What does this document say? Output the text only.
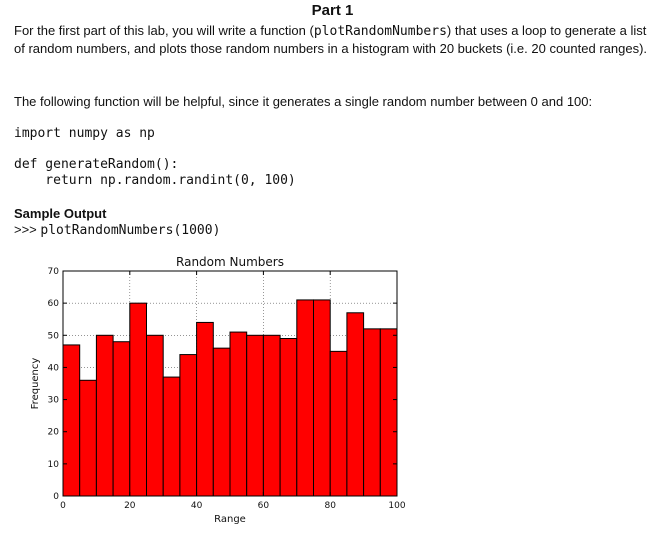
Part 1
For the first part of this lab, you will write a function (plotRandomNumbers) that uses a loop to generate a list of random numbers, and plots those random numbers in a histogram with 20 buckets (i.e. 20 counted ranges).
The following function will be helpful, since it generates a single random number between 0 and 100:
import numpy as np
def generateRandom():
return np.random.randint(0, 100)
Sample Output
>>> plotRandomNumbers(1000)
0	20	40	60	80	100
0
10
20
30
40
50
60
70
Random Numbers
Range
Frequency
